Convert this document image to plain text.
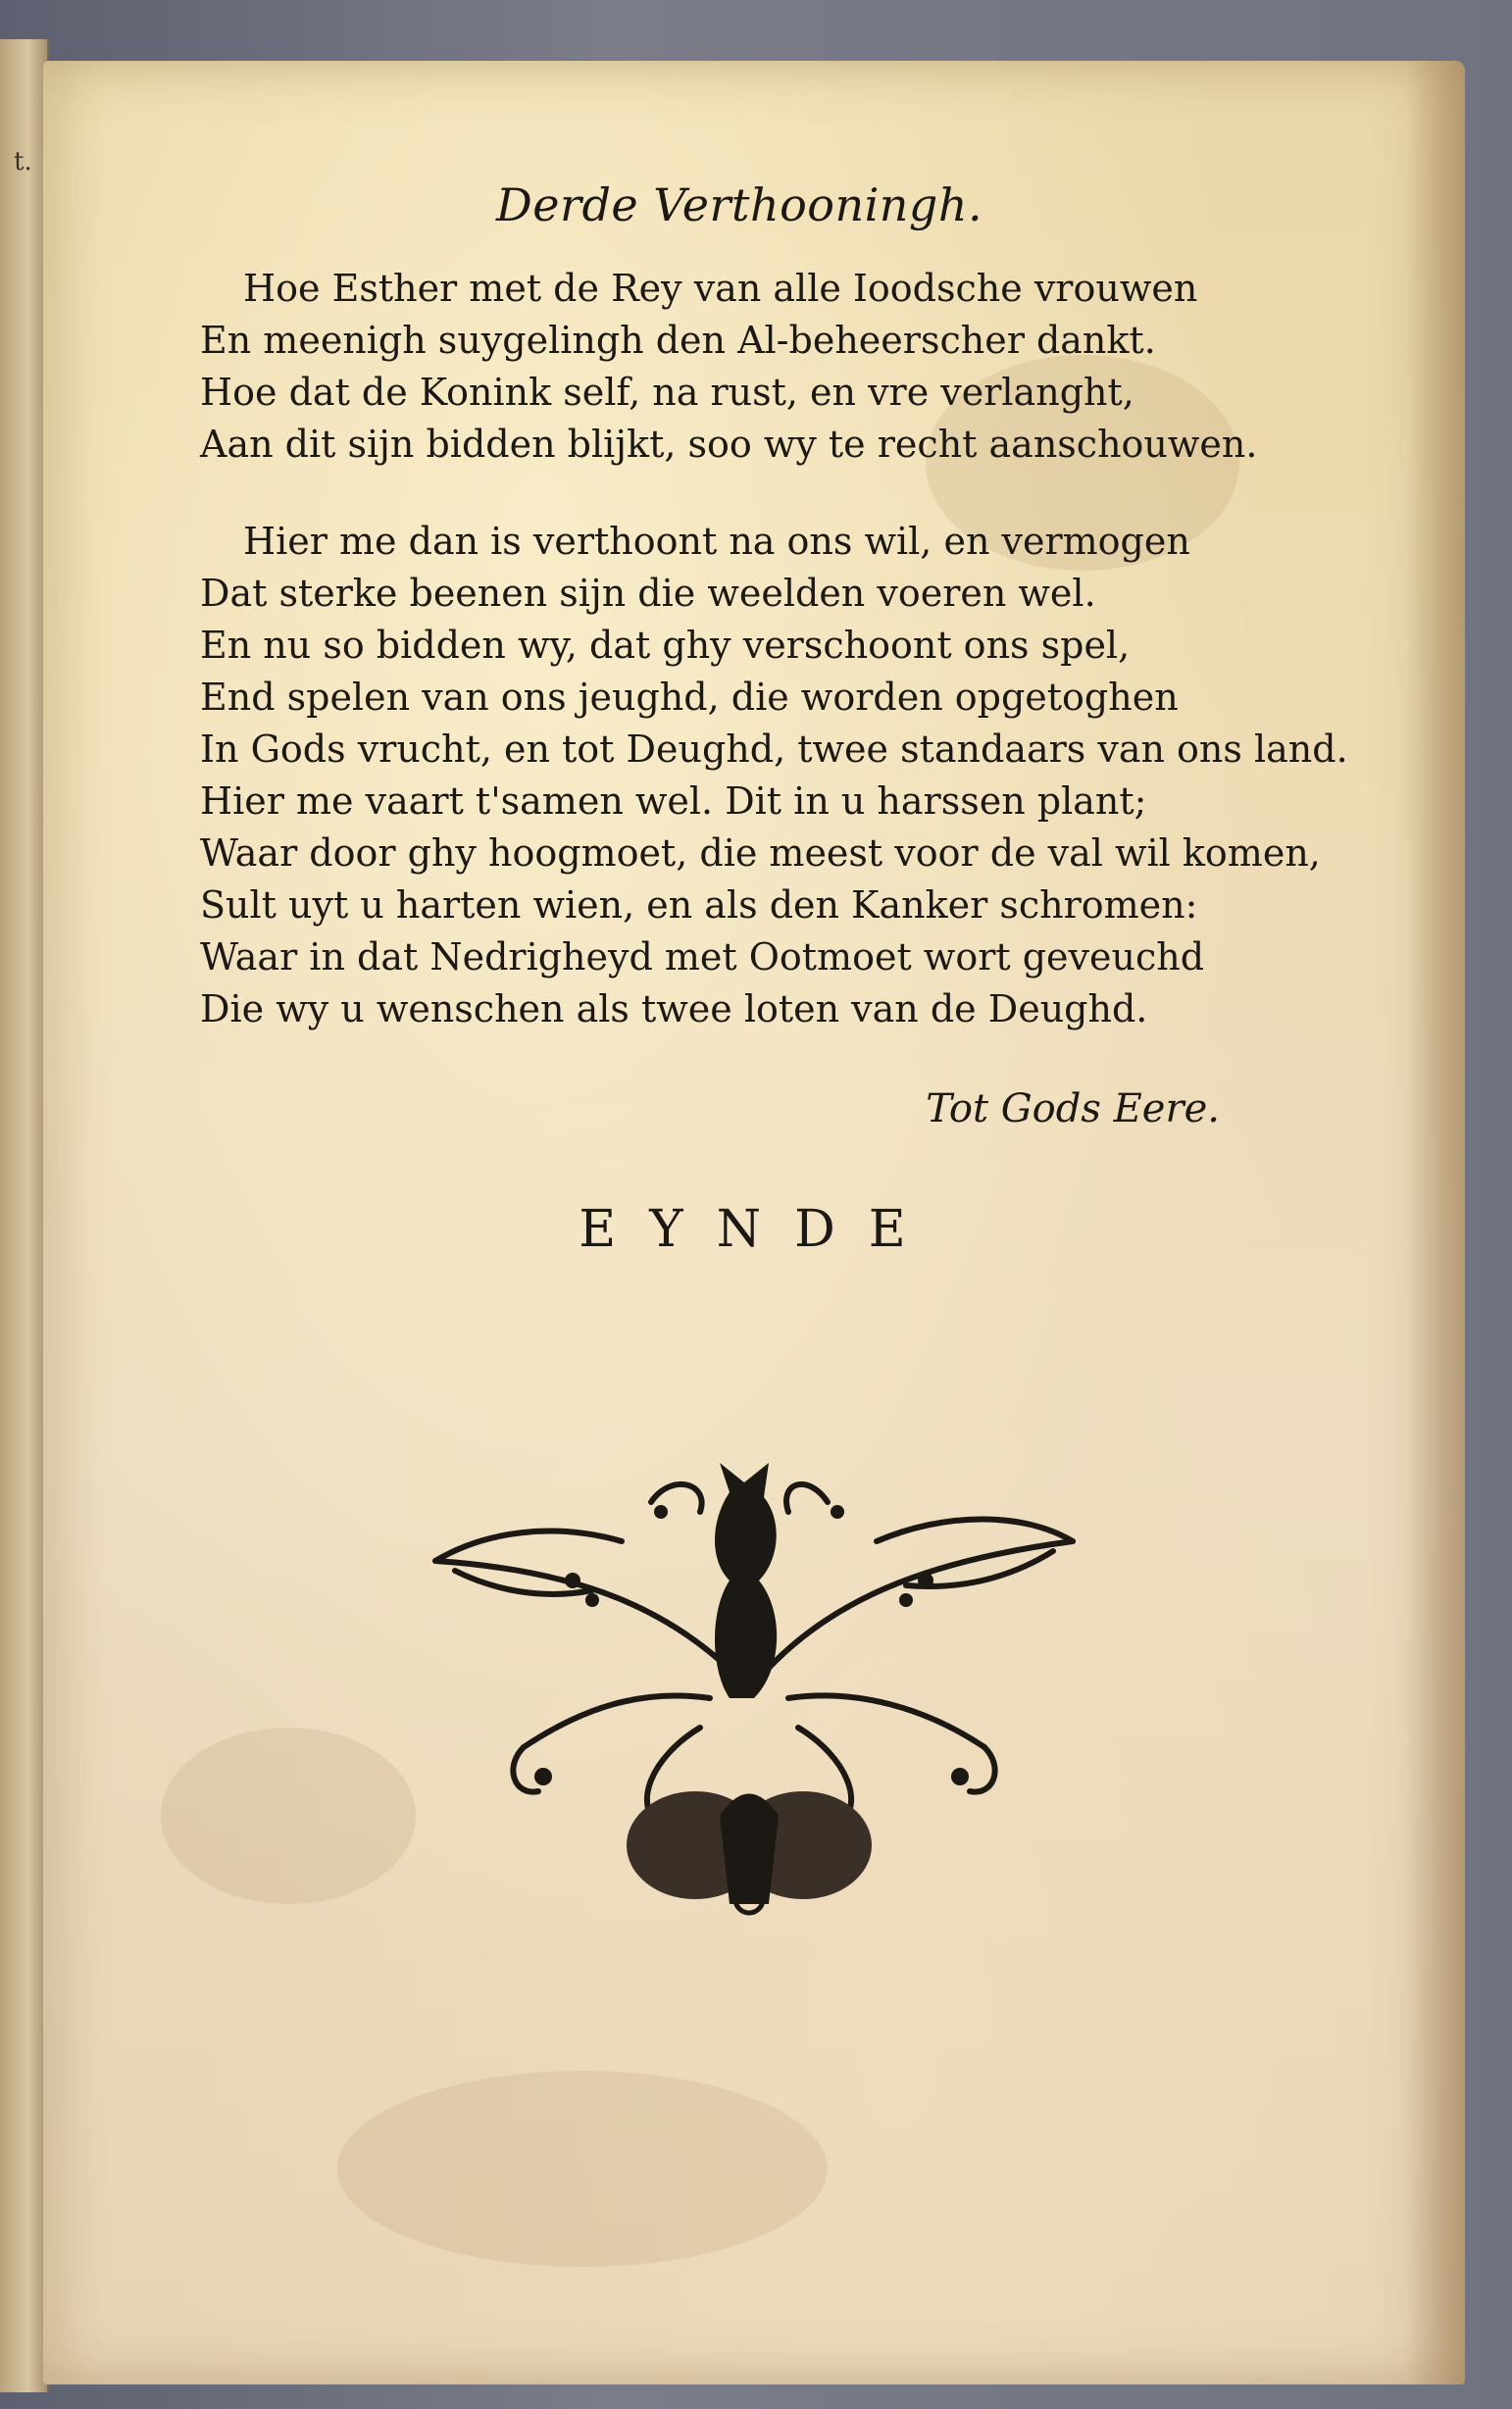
t.
Derde Verthooningh.
Hoe Esther met de Rey van alle Ioodsche vrouwen
En meenigh suygelingh den Al-beheerscher dankt.
Hoe dat de Konink self, na rust, en vre verlanght,
Aan dit sijn bidden blijkt, soo wy te recht aanschouwen.
Hier me dan is verthoont na ons wil, en vermogen
Dat sterke beenen sijn die weelden voeren wel.
En nu so bidden wy, dat ghy verschoont ons spel,
End spelen van ons jeughd, die worden opgetoghen
In Gods vrucht, en tot Deughd, twee standaars van ons land.
Hier me vaart t'samen wel. Dit in u harssen plant;
Waar door ghy hoogmoet, die meest voor de val wil komen,
Sult uyt u harten wien, en als den Kanker schromen:
Waar in dat Nedrigheyd met Ootmoet wort geveuchd
Die wy u wenschen als twee loten van de Deughd.
Tot Gods Eere.
EYNDE
